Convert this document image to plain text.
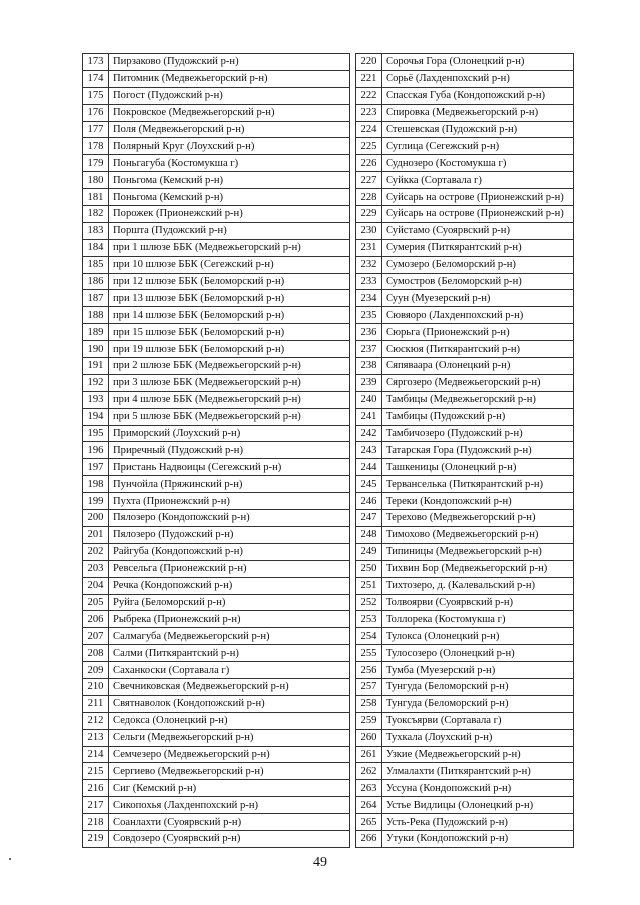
173	Пирзаково (Пудожский р-н)
174	Питомник (Медвежьегорский р-н)
175	Погост (Пудожский р-н)
176	Покровское (Медвежьегорский р-н)
177	Поля (Медвежьегорский р-н)
178	Полярный Круг (Лоухский р-н)
179	Поньгагуба (Костомукша г)
180	Поньгома (Кемский р-н)
181	Поньгома (Кемский р-н)
182	Порожек (Прионежский р-н)
183	Поршта (Пудожский р-н)
184	при 1 шлюзе ББК (Медвежьегорский р-н)
185	при 10 шлюзе ББК (Сегежский р-н)
186	при 12 шлюзе ББК (Беломорский р-н)
187	при 13 шлюзе ББК (Беломорский р-н)
188	при 14 шлюзе ББК (Беломорский р-н)
189	при 15 шлюзе ББК (Беломорский р-н)
190	при 19 шлюзе ББК (Беломорский р-н)
191	при 2 шлюзе ББК (Медвежьегорский р-н)
192	при 3 шлюзе ББК (Медвежьегорский р-н)
193	при 4 шлюзе ББК (Медвежьегорский р-н)
194	при 5 шлюзе ББК (Медвежьегорский р-н)
195	Приморский (Лоухский р-н)
196	Приречный (Пудожский р-н)
197	Пристань Надвоицы (Сегежский р-н)
198	Пунчойла (Пряжинский р-н)
199	Пухта (Прионежский р-н)
200	Пялозеро (Кондопожский р-н)
201	Пялозеро (Пудожский р-н)
202	Райгуба (Кондопожский р-н)
203	Ревсельга (Прионежский р-н)
204	Речка (Кондопожский р-н)
205	Руйга (Беломорский р-н)
206	Рыбрека (Прионежский р-н)
207	Салмагуба (Медвежьегорский р-н)
208	Салми (Питкярантский р-н)
209	Саханкоски (Сортавала г)
210	Свечниковская (Медвежьегорский р-н)
211	Святнаволок (Кондопожский р-н)
212	Седокса (Олонецкий р-н)
213	Сельги (Медвежьегорский р-н)
214	Семчезеро (Медвежьегорский р-н)
215	Сергиево (Медвежьегорский р-н)
216	Сиг (Кемский р-н)
217	Сикопохья (Лахденпохский р-н)
218	Соанлахти (Суоярвский р-н)
219	Совдозеро (Суоярвский р-н)
220	Сорочья Гора (Олонецкий р-н)
221	Сорьё (Лахденпохский р-н)
222	Спасская Губа (Кондопожский р-н)
223	Спировка (Медвежьегорский р-н)
224	Стешевская (Пудожский р-н)
225	Суглица (Сегежский р-н)
226	Суднозеро (Костомукша г)
227	Суйкка (Сортавала г)
228	Суйсарь на острове (Прионежский р-н)
229	Суйсарь на острове (Прионежский р-н)
230	Суйстамо (Суоярвский р-н)
231	Сумерия (Питкярантский р-н)
232	Сумозеро (Беломорский р-н)
233	Сумостров (Беломорский р-н)
234	Суун (Муезерский р-н)
235	Сювяоро (Лахденпохский р-н)
236	Сюрьга (Прионежский р-н)
237	Сюскюя (Питкярантский р-н)
238	Сяпяваара (Олонецкий р-н)
239	Сяргозеро (Медвежьегорский р-н)
240	Тамбицы (Медвежьегорский р-н)
241	Тамбицы (Пудожский р-н)
242	Тамбичозеро (Пудожский р-н)
243	Татарская Гора (Пудожский р-н)
244	Ташкеницы (Олонецкий р-н)
245	Терванселька (Питкярантский р-н)
246	Тереки (Кондопожский р-н)
247	Терехово (Медвежьегорский р-н)
248	Тимохово (Медвежьегорский р-н)
249	Типиницы (Медвежьегорский р-н)
250	Тихвин Бор (Медвежьегорский р-н)
251	Тихтозеро, д. (Калевальский р-н)
252	Толвоярви (Суоярвский р-н)
253	Толлорека (Костомукша г)
254	Тулокса (Олонецкий р-н)
255	Тулосозеро (Олонецкий р-н)
256	Тумба (Муезерский р-н)
257	Тунгуда (Беломорский р-н)
258	Тунгуда (Беломорский р-н)
259	Туоксъярви (Сортавала г)
260	Тухкала (Лоухский р-н)
261	Узкие (Медвежьегорский р-н)
262	Улмалахти (Питкярантский р-н)
263	Уссуна (Кондопожский р-н)
264	Устье Видлицы (Олонецкий р-н)
265	Усть-Река (Пудожский р-н)
266	Утуки (Кондопожский р-н)
49
